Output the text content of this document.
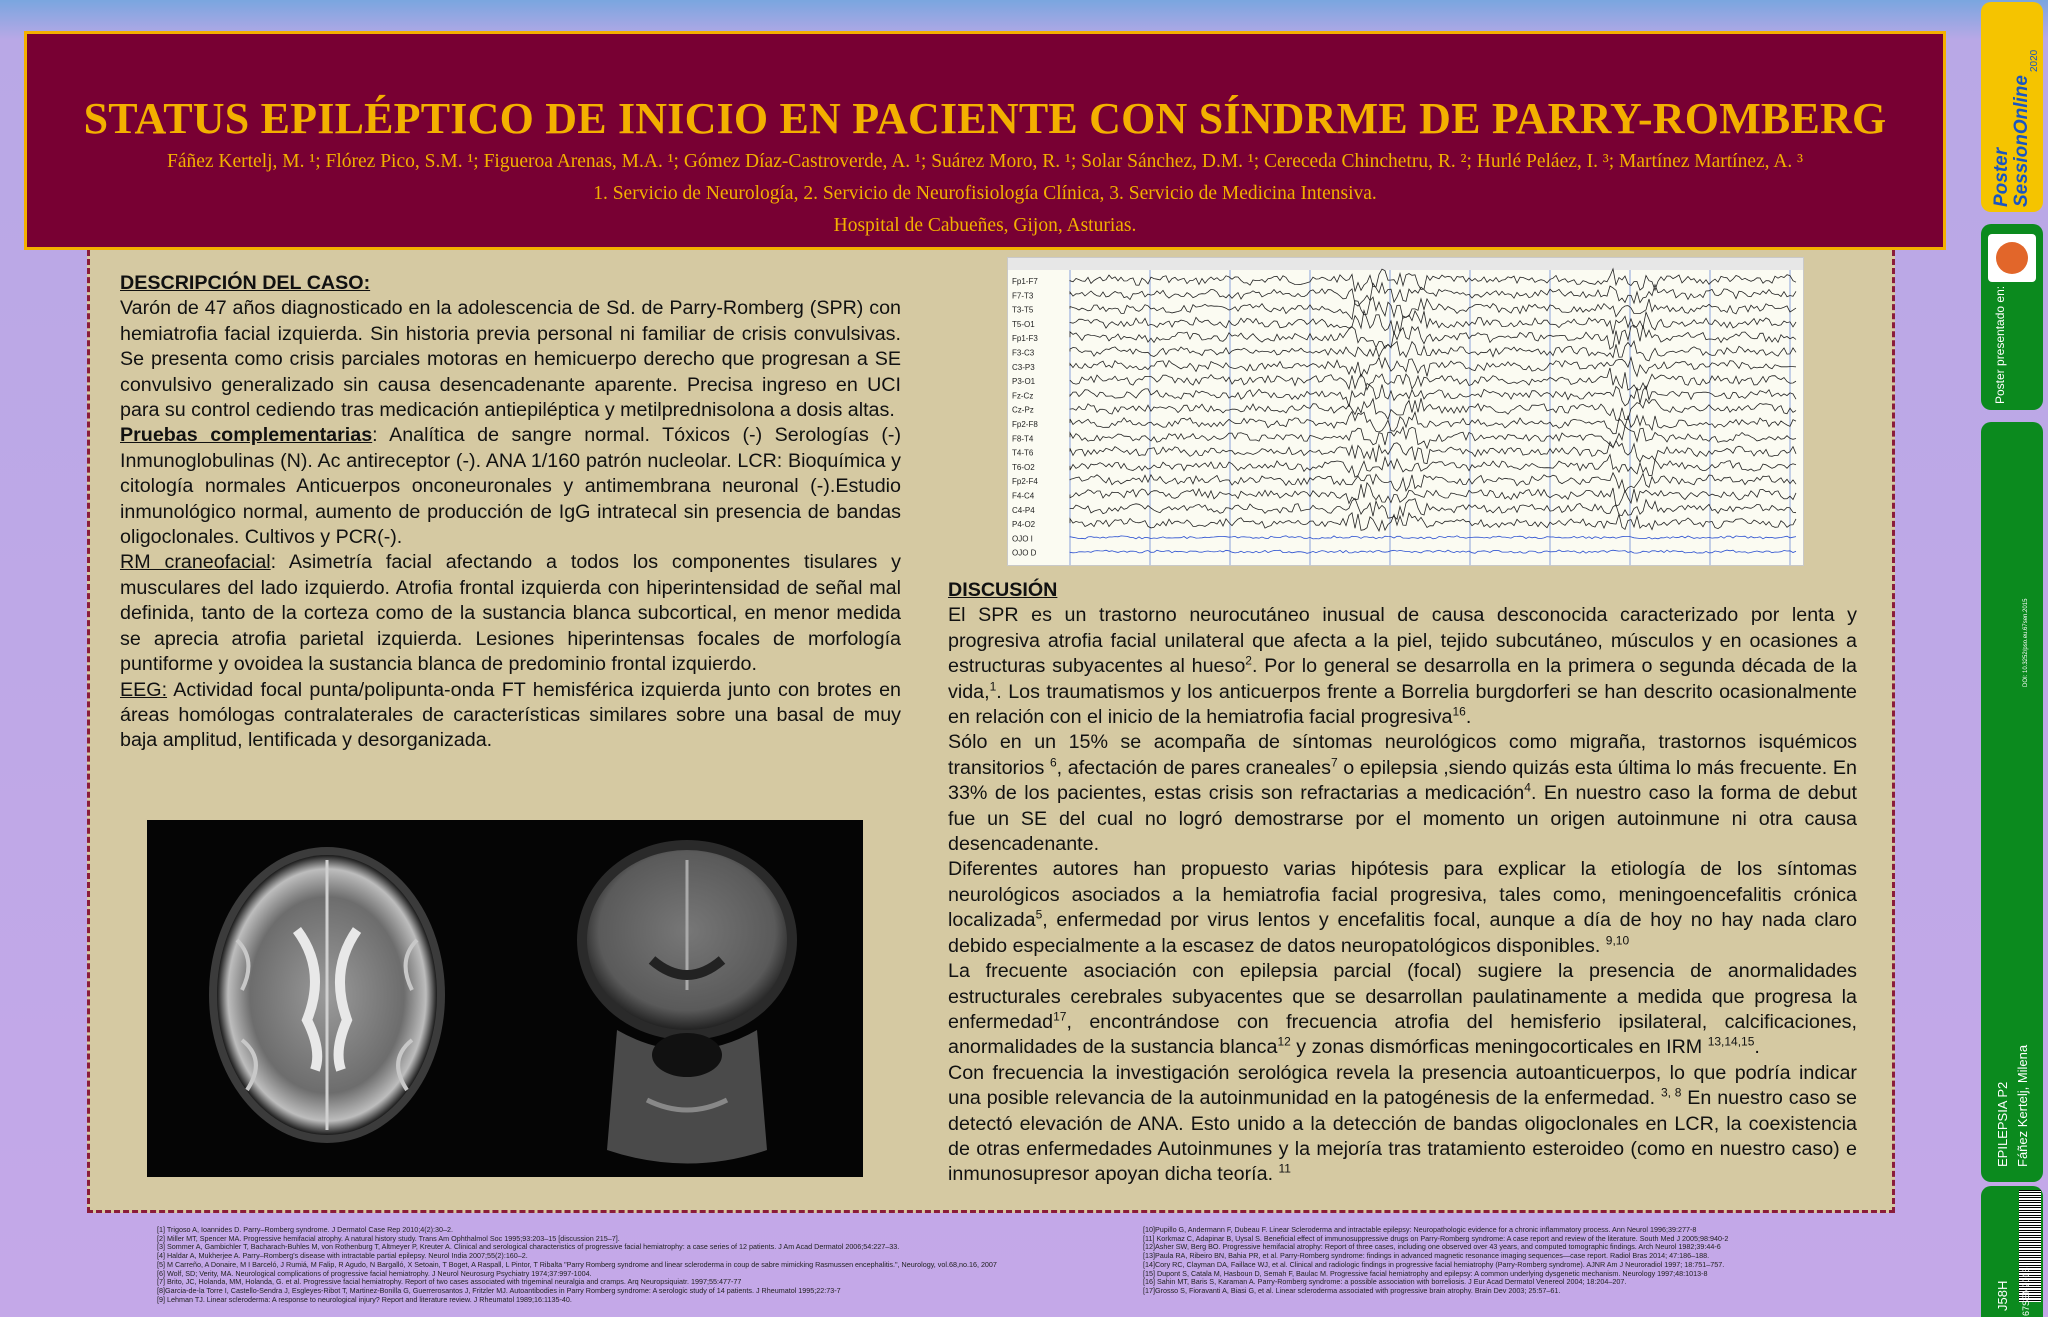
STATUS EPILÉPTICO DE INICIO EN PACIENTE CON SÍNDRME DE PARRY-ROMBERG
Fáñez Kertelj, M. ¹; Flórez Pico, S.M. ¹; Figueroa Arenas, M.A. ¹; Gómez Díaz-Castroverde, A. ¹; Suárez Moro, R. ¹; Solar Sánchez, D.M. ¹; Cereceda Chinchetru, R. ²; Hurlé Peláez, I. ³; Martínez Martínez, A. ³
1. Servicio de Neurología, 2. Servicio de Neurofisiología Clínica, 3. Servicio de Medicina Intensiva.
Hospital de Cabueñes, Gijon, Asturias.
DESCRIPCIÓN DEL CASO:

Varón de 47 años diagnosticado en la adolescencia de Sd. de Parry-Romberg (SPR) con hemiatrofia facial izquierda. Sin historia previa personal ni familiar de crisis convulsivas. Se presenta como crisis parciales motoras en hemicuerpo derecho que progresan a SE convulsivo generalizado sin causa desencadenante aparente. Precisa ingreso en UCI para su control cediendo tras medicación antiepiléptica y metilprednisolona a dosis altas.

Pruebas complementarias: Analítica de sangre normal. Tóxicos (-) Serologías (-) Inmunoglobulinas (N). Ac antireceptor (-). ANA 1/160 patrón nucleolar. LCR: Bioquímica y citología normales Anticuerpos onconeuronales y antimembrana neuronal (-).Estudio inmunológico normal, aumento de producción de IgG intratecal sin presencia de bandas oligoclonales. Cultivos y PCR(-).

RM craneofacial: Asimetría facial afectando a todos los componentes tisulares y musculares del lado izquierdo. Atrofia frontal izquierda con hiperintensidad de señal mal definida, tanto de la corteza como de la sustancia blanca subcortical, en menor medida se aprecia atrofia parietal izquierda. Lesiones hiperintensas focales de morfología puntiforme y ovoidea la sustancia blanca de predominio frontal izquierdo.

EEG: Actividad focal punta/polipunta-onda FT hemisférica izquierda junto con brotes en áreas homólogas contralaterales de características similares sobre una basal de muy baja amplitud, lentificada y desorganizada.

Fp1-F7
F7-T3
T3-T5
T5-O1
Fp1-F3
F3-C3
C3-P3
P3-O1
Fz-Cz
Cz-Pz
Fp2-F8
F8-T4
T4-T6
T6-O2
Fp2-F4
F4-C4
C4-P4
P4-O2
OJO I
OJO D
DISCUSIÓN

El SPR es un trastorno neurocutáneo inusual de causa desconocida caracterizado por lenta y progresiva atrofia facial unilateral que afecta a la piel, tejido subcutáneo, músculos y en ocasiones a estructuras subyacentes al hueso$^2$. Por lo general se desarrolla en la primera o segunda década de la vida,$^1$. Los traumatismos y los anticuerpos frente a Borrelia burgdorferi se han descrito ocasionalmente en relación con el inicio de la hemiatrofia facial progresiva$^{16}$.

Sólo en un 15% se acompaña de síntomas neurológicos como migraña, trastornos isquémicos transitorios $^6$, afectación de pares craneales$^7$ o epilepsia ,siendo quizás esta última lo más frecuente. En 33% de los pacientes, estas crisis son refractarias a medicación$^4$. En nuestro caso la forma de debut fue un SE del cual no logró demostrarse por el momento un origen autoinmune ni otra causa desencadenante.

Diferentes autores han propuesto varias hipótesis para explicar la etiología de los síntomas neurológicos asociados a la hemiatrofia facial progresiva, tales como, meningoencefalitis crónica localizada$^5$, enfermedad por virus lentos y encefalitis focal, aunque a día de hoy no hay nada claro debido especialmente a la escasez de datos neuropatológicos disponibles. $^{9,10}$

La frecuente asociación con epilepsia parcial (focal) sugiere la presencia de anormalidades estructurales cerebrales subyacentes que se desarrollan paulatinamente a medida que progresa la enfermedad$^{17}$, encontrándose con frecuencia atrofia del hemisferio ipsilateral, calcificaciones, anormalidades de la sustancia blanca$^{12}$ y zonas dismórficas meningocorticales en IRM $^{13,14,15}$.

Con frecuencia la investigación serológica revela la presencia autoanticuerpos, lo que podría indicar una posible relevancia de la autoinmunidad en la patogénesis de la enfermedad. $^{3, 8}$ En nuestro caso se detectó elevación de ANA. Esto unido a la detección de bandas oligoclonales en LCR, la coexistencia de otras enfermedades Autoinmunes y la mejoría tras tratamiento esteroideo (como en nuestro caso) e inmunosupresor apoyan dicha teoría. $^{11}$

[1] Trigoso A, Ioannides D. Parry–Romberg syndrome. J Dermatol Case Rep 2010;4(2):30–2.
[2] Miller MT, Spencer MA. Progressive hemifacial atrophy. A natural history study. Trans Am Ophthalmol Soc 1995;93:203–15 [discussion 215–7].
[3] Sommer A, Gambichler T, Bacharach-Buhles M, von Rothenburg T, Altmeyer P, Kreuter A. Clinical and serological characteristics of progressive facial hemiatrophy: a case series of 12 patients. J Am Acad Dermatol 2006;54:227–33.
[4] Haldar A, Mukherjee A. Parry–Romberg's disease with intractable partial epilepsy. Neurol India 2007;55(2):160–2.
[5] M Carreño, A Donaire, M I Barceló, J Rumiá, M Falip, R Agudo, N Bargalló, X Setoain, T Boget, A Raspall, L Pintor, T Ribalta "Parry Romberg syndrome and linear scleroderma in coup de sabre mimicking Rasmussen encephalitis.", Neurology, vol.68,no.16, 2007
[6] Wolf, SD; Verity, MA. Neurological complications of progressive facial hemiatrophy. J Neurol Neurosurg Psychiatry 1974;37:997-1004.
[7] Brito, JC, Holanda, MM, Holanda, G. et al. Progressive facial hemiatrophy. Report of two cases associated with trigeminal neuralgia and cramps. Arq Neuropsiquiatr. 1997;55:477-77
[8]Garcia-de-la Torre I, Castello-Sendra J, Esgleyes-Ribot T, Martinez-Bonilla G, Guerrerosantos J, Fritzler MJ. Autoantibodies in Parry Romberg syndrome: A serologic study of 14 patients. J Rheumatol 1995;22:73-7
[9] Lehman TJ. Linear scleroderma: A response to neurological injury? Report and literature review. J Rheumatol 1989;16:1135-40.
[10]Pupillo G, Andermann F, Dubeau F. Linear Scleroderma and intractable epilepsy: Neuropathologic evidence for a chronic inflammatory process. Ann Neurol 1996;39:277-8
[11] Korkmaz C, Adapinar B, Uysal S. Beneficial effect of immunosuppressive drugs on Parry-Romberg syndrome: A case report and review of the literature. South Med J 2005;98:940-2
[12]Asher SW, Berg BO. Progressive hemifacial atrophy: Report of three cases, including one observed over 43 years, and computed tomographic findings. Arch Neurol 1982;39:44-6
[13]Paula RA, Ribeiro BN, Bahia PR, et al. Parry-Romberg syndrome: findings in advanced magnetic resonance imaging sequences—case report. Radiol Bras 2014; 47:186–188.
[14]Cory RC, Clayman DA, Faillace WJ, et al. Clinical and radiologic findings in progressive facial hemiatrophy (Parry-Romberg syndrome). AJNR Am J Neuroradiol 1997; 18:751–757.
[15] Dupont S, Catala M, Hasboun D, Semah F, Baulac M. Progressive facial hemiatrophy and epilepsy: A common underlying dysgenetic mechanism. Neurology 1997;48:1013-8
[16] Sahin MT, Baris S, Karaman A. Parry-Romberg syndrome: a possible association with borreliosis. J Eur Acad Dermatol Venereol 2004; 18:204–207.
[17]Grosso S, Fioravanti A, Biasi G, et al. Linear scleroderma associated with progressive brain atrophy. Brain Dev 2003; 25:57–61.
Poster SessionOnline
2020
Poster presentado en:
DOI: 10.3252/pso.eu.67sen.2015
EPILEPSIA P2 Fáñez Kertelj, Milena
J58H 67SEN2015
